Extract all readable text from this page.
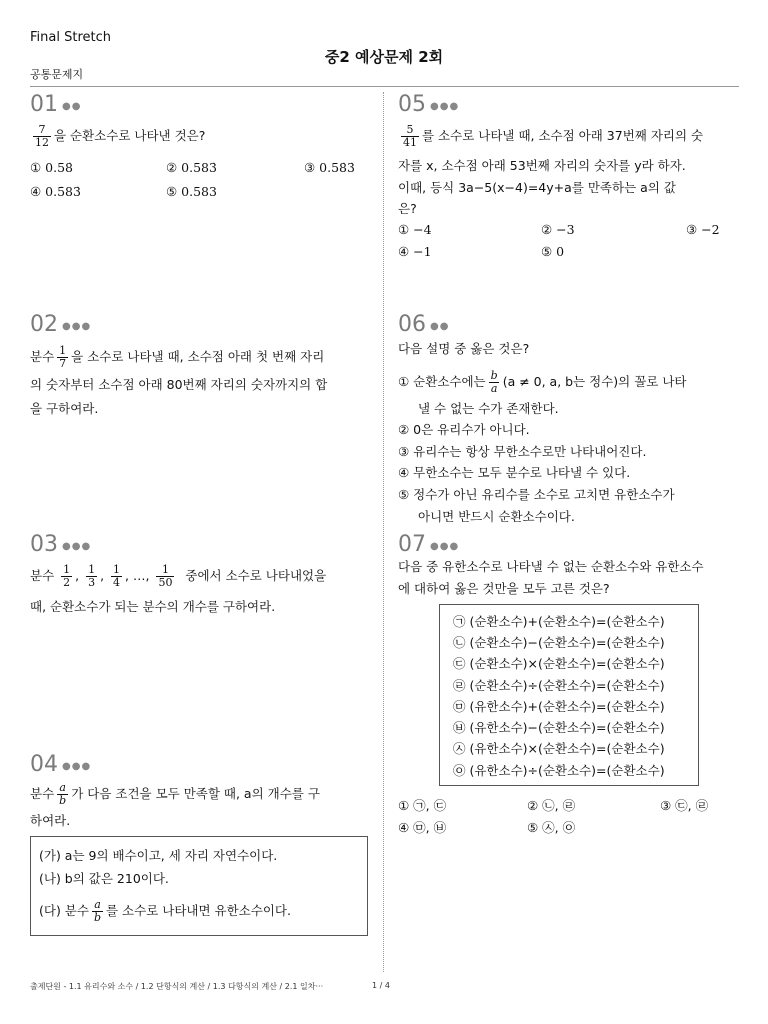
Final Stretch
중2 예상문제 2회
공통문제지
01 ●●
$\frac{7}{12}$ 을 순환소수로 나타낸 것은?
① 0.58̇	② 0.583̇	③ 0.58̇3̇
④ 0.5̇83̇	⑤ 0.583
02 ●●●
분수 $\frac{1}{7}$ 을 소수로 나타낼 때, 소수점 아래 첫 번째 자리
의 숫자부터 소수점 아래 80번째 자리의 숫자까지의 합
을 구하여라.
03 ●●●
분수 $\frac{1}{2}$ , $\frac{1}{3}$ , $\frac{1}{4}$ , …, $\frac{1}{50}$ 중에서 소수로 나타내었을
때, 순환소수가 되는 분수의 개수를 구하여라.
04 ●●●
분수 $\frac{a}{b}$ 가 다음 조건을 모두 만족할 때, a의 개수를 구
하여라.
(가) a는 9의 배수이고, 세 자리 자연수이다.
(나) b의 값은 210이다.
(다) 분수 $\frac{a}{b}$ 를 소수로 나타내면 유한소수이다.
05 ●●●
$\frac{5}{41}$ 를 소수로 나타낼 때, 소수점 아래 37번째 자리의 숫
자를 x, 소수점 아래 53번째 자리의 숫자를 y라 하자.
이때, 등식 3a−5(x−4)=4y+a를 만족하는 a의 값
은?
① −4	② −3	③ −2
④ −1	⑤ 0
06 ●●
다음 설명 중 옳은 것은?
① 순환소수에는 $\frac{b}{a} (a \ne 0$, a, b는 정수)의 꼴로 나타
낼 수 없는 수가 존재한다.
② 0은 유리수가 아니다.
③ 유리수는 항상 무한소수로만 나타내어진다.
④ 무한소수는 모두 분수로 나타낼 수 있다.
⑤ 정수가 아닌 유리수를 소수로 고치면 유한소수가
아니면 반드시 순환소수이다.
07 ●●●
다음 중 유한소수로 나타낼 수 없는 순환소수와 유한소수
에 대하여 옳은 것만을 모두 고른 것은?
㉠ (순환소수)+(순환소수)=(순환소수)
㉡ (순환소수)−(순환소수)=(순환소수)
㉢ (순환소수)×(순환소수)=(순환소수)
㉣ (순환소수)÷(순환소수)=(순환소수)
㉤ (유한소수)+(순환소수)=(순환소수)
㉥ (유한소수)−(순환소수)=(순환소수)
㉦ (유한소수)×(순환소수)=(순환소수)
㉧ (유한소수)÷(순환소수)=(순환소수)
① ㉠, ㉢	② ㉡, ㉣	③ ㉢, ㉣
④ ㉤, ㉥	⑤ ㉦, ㉧
출제단원 - 1.1 유리수와 소수 / 1.2 단항식의 계산 / 1.3 다항식의 계산 / 2.1 일차···	1 / 4
